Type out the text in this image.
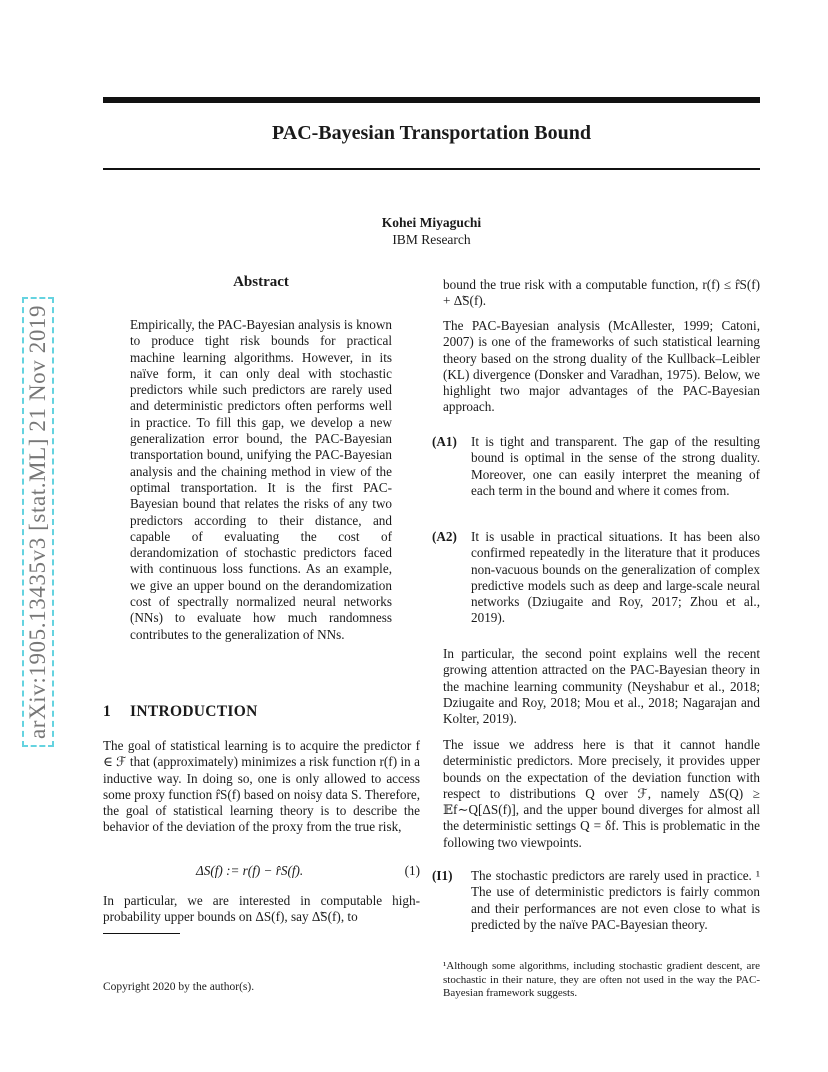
PAC-Bayesian Transportation Bound
Kohei Miyaguchi
IBM Research
arXiv:1905.13435v3 [stat.ML] 21 Nov 2019
Abstract

Empirically, the PAC-Bayesian analysis is known to produce tight risk bounds for practical machine learning algorithms. However, in its naïve form, it can only deal with stochastic predictors while such predictors are rarely used and deterministic predictors often performs well in practice. To fill this gap, we develop a new generalization error bound, the PAC-Bayesian transportation bound, unifying the PAC-Bayesian analysis and the chaining method in view of the optimal transportation. It is the first PAC-Bayesian bound that relates the risks of any two predictors according to their distance, and capable of evaluating the cost of derandomization of stochastic predictors faced with continuous loss functions. As an example, we give an upper bound on the derandomization cost of spectrally normalized neural networks (NNs) to evaluate how much randomness contributes to the generalization of NNs.

1 INTRODUCTION

The goal of statistical learning is to acquire the predictor f ∈ ℱ that (approximately) minimizes a risk function r(f) in a inductive way. In doing so, one is only allowed to access some proxy function r̂S(f) based on noisy data S. Therefore, the goal of statistical learning theory is to describe the behavior of the deviation of the proxy from the true risk,

ΔS(f) := r(f) − r̂S(f).	(1)

In particular, we are interested in computable high-probability upper bounds on ΔS(f), say Δ̃S(f), to

Copyright 2020 by the author(s).

bound the true risk with a computable function, r(f) ≤ r̂S(f) + Δ̃S(f).

The PAC-Bayesian analysis (McAllester, 1999; Catoni, 2007) is one of the frameworks of such statistical learning theory based on the strong duality of the Kullback–Leibler (KL) divergence (Donsker and Varadhan, 1975). Below, we highlight two major advantages of the PAC-Bayesian approach.

(A1) It is tight and transparent. The gap of the resulting bound is optimal in the sense of the strong duality. Moreover, one can easily interpret the meaning of each term in the bound and where it comes from.
(A2) It is usable in practical situations. It has been also confirmed repeatedly in the literature that it produces non-vacuous bounds on the generalization of complex predictive models such as deep and large-scale neural networks (Dziugaite and Roy, 2017; Zhou et al., 2019).

In particular, the second point explains well the recent growing attention attracted on the PAC-Bayesian theory in the machine learning community (Neyshabur et al., 2018; Dziugaite and Roy, 2018; Mou et al., 2018; Nagarajan and Kolter, 2019).

The issue we address here is that it cannot handle deterministic predictors. More precisely, it provides upper bounds on the expectation of the deviation function with respect to distributions Q over ℱ, namely Δ̃S(Q) ≥ 𝔼f∼Q[ΔS(f)], and the upper bound diverges for almost all the deterministic settings Q = δf. This is problematic in the following two viewpoints.

(I1) The stochastic predictors are rarely used in practice. ¹ The use of deterministic predictors is fairly common and their performances are not even close to what is predicted by the naïve PAC-Bayesian theory.
¹Although some algorithms, including stochastic gradient descent, are stochastic in their nature, they are often not used in the way the PAC-Bayesian framework suggests.
